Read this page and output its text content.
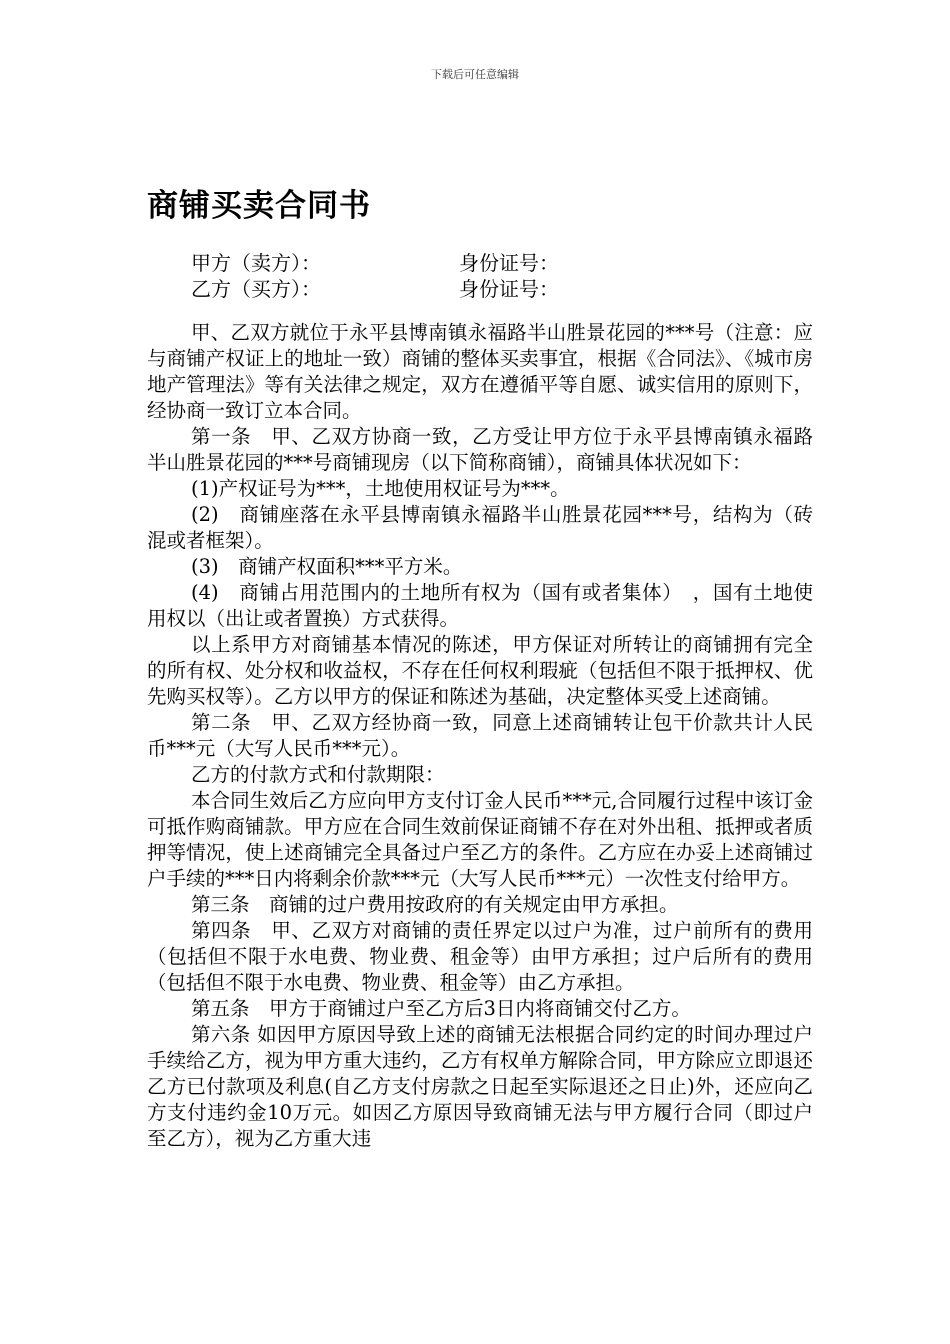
下载后可任意编辑
商铺买卖合同书
甲方（卖方）：	身份证号：
乙方（买方）：	身份证号：

甲、乙双方就位于永平县博南镇永福路半山胜景花园的***号（注意：应与商铺产权证上的地址一致）商铺的整体买卖事宜，根据《合同法》、《城市房地产管理法》等有关法律之规定，双方在遵循平等自愿、诚实信用的原则下，经协商一致订立本合同。

第一条　甲、乙双方协商一致，乙方受让甲方位于永平县博南镇永福路半山胜景花园的***号商铺现房（以下简称商铺），商铺具体状况如下：

(1)产权证号为***，土地使用权证号为***。

(2)　商铺座落在永平县博南镇永福路半山胜景花园***号，结构为（砖混或者框架）。

(3)　商铺产权面积***平方米。

(4)　商铺占用范围内的土地所有权为（国有或者集体）　，国有土地使用权以（出让或者置换）方式获得。

以上系甲方对商铺基本情况的陈述，甲方保证对所转让的商铺拥有完全的所有权、处分权和收益权，不存在任何权利瑕疵（包括但不限于抵押权、优先购买权等）。乙方以甲方的保证和陈述为基础，决定整体买受上述商铺。

第二条　甲、乙双方经协商一致，同意上述商铺转让包干价款共计人民币***元（大写人民币***元）。

乙方的付款方式和付款期限：

本合同生效后乙方应向甲方支付订金人民币***元,合同履行过程中该订金可抵作购商铺款。甲方应在合同生效前保证商铺不存在对外出租、抵押或者质押等情况，使上述商铺完全具备过户至乙方的条件。乙方应在办妥上述商铺过户手续的***日内将剩余价款***元（大写人民币***元）一次性支付给甲方。

第三条　商铺的过户费用按政府的有关规定由甲方承担。

第四条　甲、乙双方对商铺的责任界定以过户为准，过户前所有的费用（包括但不限于水电费、物业费、租金等）由甲方承担；过户后所有的费用（包括但不限于水电费、物业费、租金等）由乙方承担。

第五条　甲方于商铺过户至乙方后3日内将商铺交付乙方。

第六条 如因甲方原因导致上述的商铺无法根据合同约定的时间办理过户手续给乙方，视为甲方重大违约，乙方有权单方解除合同，甲方除应立即退还乙方已付款项及利息(自乙方支付房款之日起至实际退还之日止)外，还应向乙方支付违约金10万元。如因乙方原因导致商铺无法与甲方履行合同（即过户至乙方），视为乙方重大违
